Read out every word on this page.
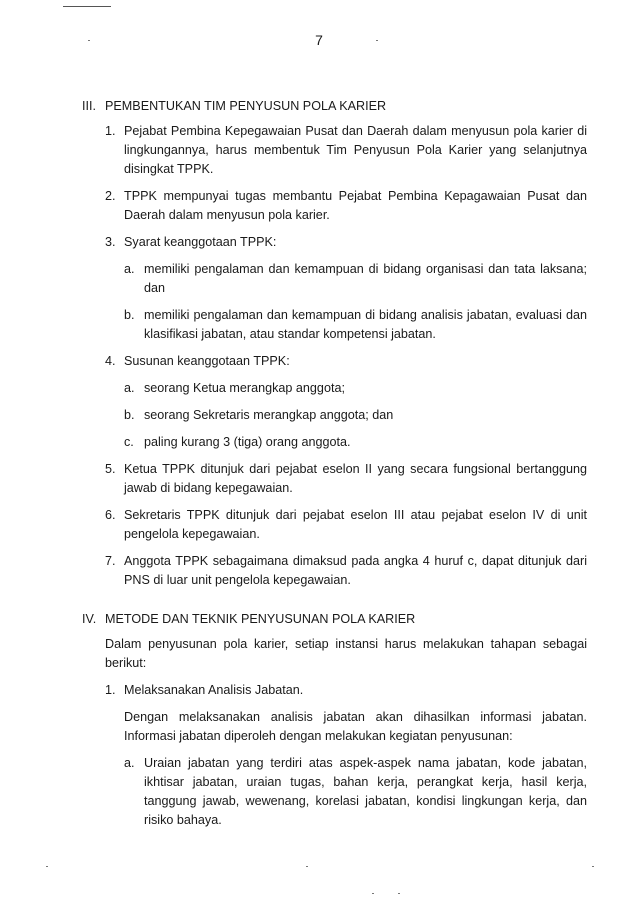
7
III. PEMBENTUKAN TIM PENYUSUN POLA KARIER
1. Pejabat Pembina Kepegawaian Pusat dan Daerah dalam menyusun pola karier di lingkungannya, harus membentuk Tim Penyusun Pola Karier yang selanjutnya disingkat TPPK.
2. TPPK mempunyai tugas membantu Pejabat Pembina Kepagawaian Pusat dan Daerah dalam menyusun pola karier.
3. Syarat keanggotaan TPPK:
a. memiliki pengalaman dan kemampuan di bidang organisasi dan tata laksana; dan
b. memiliki pengalaman dan kemampuan di bidang analisis jabatan, evaluasi dan klasifikasi jabatan, atau standar kompetensi jabatan.
4. Susunan keanggotaan TPPK:
a. seorang Ketua merangkap anggota;
b. seorang Sekretaris merangkap anggota; dan
c. paling kurang 3 (tiga) orang anggota.
5. Ketua TPPK ditunjuk dari pejabat eselon II yang secara fungsional bertanggung jawab di bidang kepegawaian.
6. Sekretaris TPPK ditunjuk dari pejabat eselon III atau pejabat eselon IV di unit pengelola kepegawaian.
7. Anggota TPPK sebagaimana dimaksud pada angka 4 huruf c, dapat ditunjuk dari PNS di luar unit pengelola kepegawaian.
IV. METODE DAN TEKNIK PENYUSUNAN POLA KARIER
Dalam penyusunan pola karier, setiap instansi harus melakukan tahapan sebagai berikut:
1. Melaksanakan Analisis Jabatan.
Dengan melaksanakan analisis jabatan akan dihasilkan informasi jabatan. Informasi jabatan diperoleh dengan melakukan kegiatan penyusunan:
a. Uraian jabatan yang terdiri atas aspek-aspek nama jabatan, kode jabatan, ikhtisar jabatan, uraian tugas, bahan kerja, perangkat kerja, hasil kerja, tanggung jawab, wewenang, korelasi jabatan, kondisi lingkungan kerja, dan risiko bahaya.
